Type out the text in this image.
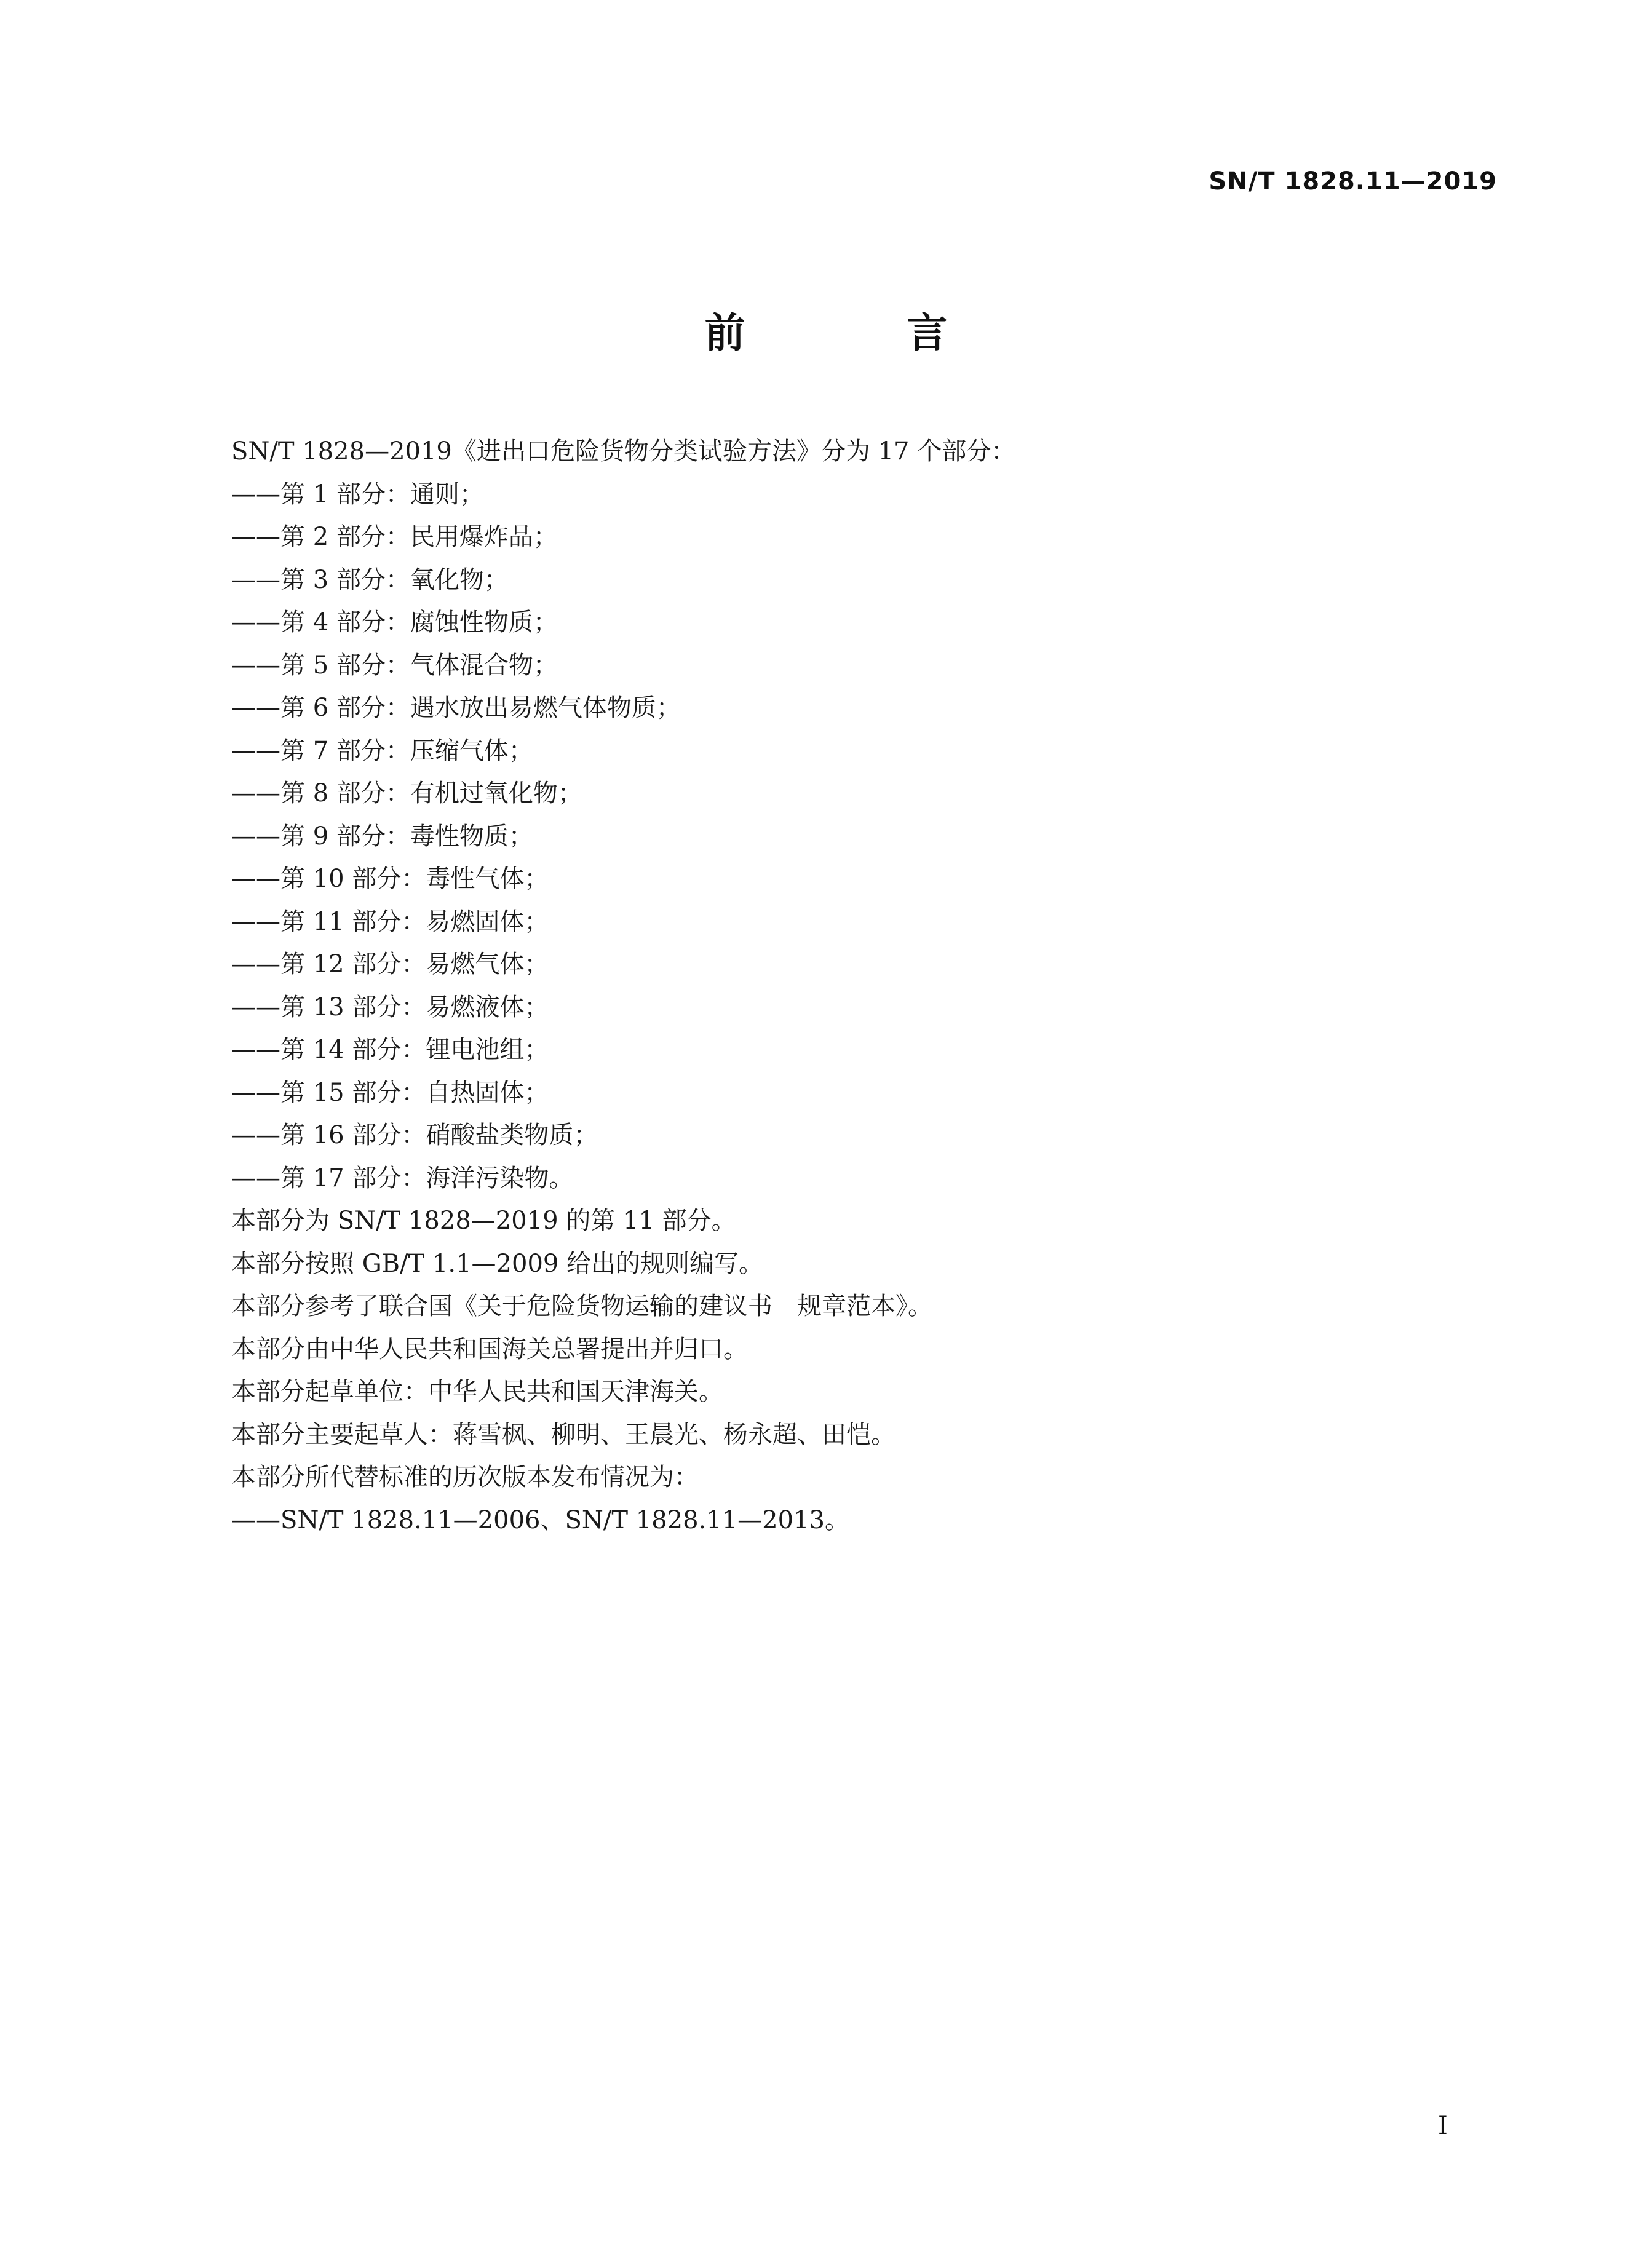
SN/T 1828.11—2019
前 言
SN/T 1828—2019《进出口危险货物分类试验方法》分为 17 个部分：
——第 1 部分：通则；
——第 2 部分：民用爆炸品；
——第 3 部分：氧化物；
——第 4 部分：腐蚀性物质；
——第 5 部分：气体混合物；
——第 6 部分：遇水放出易燃气体物质；
——第 7 部分：压缩气体；
——第 8 部分：有机过氧化物；
——第 9 部分：毒性物质；
——第 10 部分：毒性气体；
——第 11 部分：易燃固体；
——第 12 部分：易燃气体；
——第 13 部分：易燃液体；
——第 14 部分：锂电池组；
——第 15 部分：自热固体；
——第 16 部分：硝酸盐类物质；
——第 17 部分：海洋污染物。
本部分为 SN/T 1828—2019 的第 11 部分。
本部分按照 GB/T 1.1—2009 给出的规则编写。
本部分参考了联合国《关于危险货物运输的建议书　规章范本》。
本部分由中华人民共和国海关总署提出并归口。
本部分起草单位：中华人民共和国天津海关。
本部分主要起草人：蒋雪枫、柳明、王晨光、杨永超、田恺。
本部分所代替标准的历次版本发布情况为：
——SN/T 1828.11—2006、SN/T 1828.11—2013。
I
